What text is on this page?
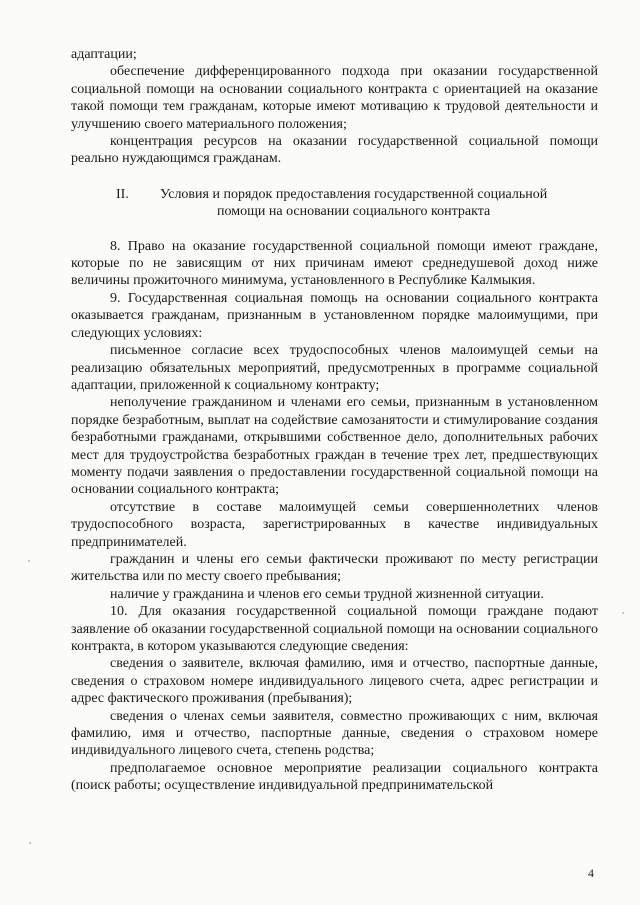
адаптации;

обеспечение дифференцированного подхода при оказании государственной социальной помощи на основании социального контракта с ориентацией на оказание такой помощи тем гражданам, которые имеют мотивацию к трудовой деятельности и улучшению своего материального положения;

концентрация ресурсов на оказании государственной социальной помощи реально нуждающимся гражданам.

II.	Условия и порядок предоставления государственной социальной
помощи на основании социального контракта

8. Право на оказание государственной социальной помощи имеют граждане, которые по не зависящим от них причинам имеют среднедушевой доход ниже величины прожиточного минимума, установленного в Республике Калмыкия.

9. Государственная социальная помощь на основании социального контракта оказывается гражданам, признанным в установленном порядке малоимущими, при следующих условиях:

письменное согласие всех трудоспособных членов малоимущей семьи на реализацию обязательных мероприятий, предусмотренных в программе социальной адаптации, приложенной к социальному контракту;

неполучение гражданином и членами его семьи, признанным в установленном порядке безработным, выплат на содействие самозанятости и стимулирование создания безработными гражданами, открывшими собственное дело, дополнительных рабочих мест для трудоустройства безработных граждан в течение трех лет, предшествующих моменту подачи заявления о предоставлении государственной социальной помощи на основании социального контракта;

отсутствие в составе малоимущей семьи совершеннолетних членов трудоспособного возраста, зарегистрированных в качестве индивидуальных предпринимателей.

гражданин и члены его семьи фактически проживают по месту регистрации жительства или по месту своего пребывания;

наличие у гражданина и членов его семьи трудной жизненной ситуации.

10. Для оказания государственной социальной помощи граждане подают заявление об оказании государственной социальной помощи на основании социального контракта, в котором указываются следующие сведения:

сведения о заявителе, включая фамилию, имя и отчество, паспортные данные, сведения о страховом номере индивидуального лицевого счета, адрес регистрации и адрес фактического проживания (пребывания);

сведения о членах семьи заявителя, совместно проживающих с ним, включая фамилию, имя и отчество, паспортные данные, сведения о страховом номере индивидуального лицевого счета, степень родства;

предполагаемое основное мероприятие реализации социального контракта (поиск работы; осуществление индивидуальной предпринимательской

4
